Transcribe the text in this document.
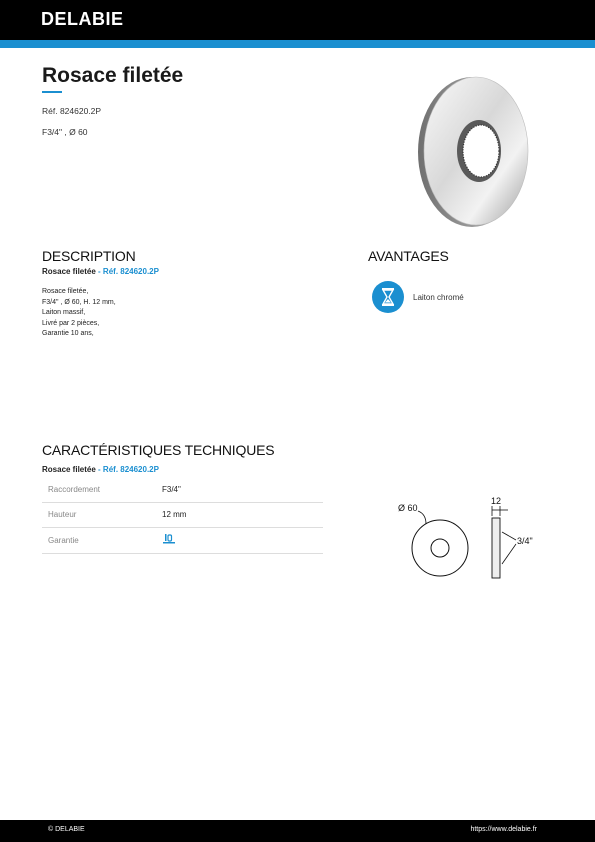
DELABIE
Rosace filetée
Réf. 824620.2P
F3/4" , Ø 60
DESCRIPTION
Rosace filetée - Réf. 824620.2P
Rosace filetée,
F3/4" , Ø 60, H. 12 mm,
Laiton massif,
Livré par 2 pièces,
Garantie 10 ans,
AVANTAGES
Laiton chromé
CARACTÉRISTIQUES TECHNIQUES
Rosace filetée - Réf. 824620.2P
Raccordement	F3/4"
Hauteur	12 mm
Garantie	
Ø 60
12
3/4"
© DELABIE	https://www.delabie.fr
